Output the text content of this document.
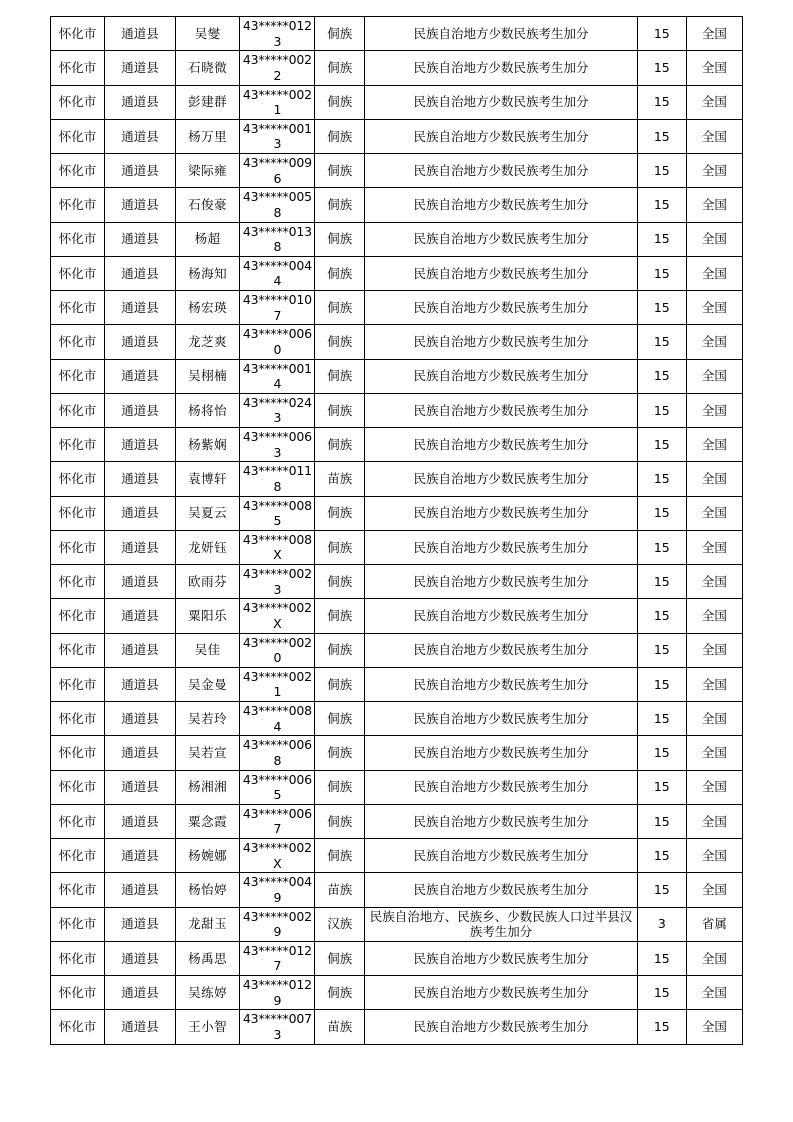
怀化市	通道县	吴燮	43*****0123	侗族	民族自治地方少数民族考生加分	15	全国
怀化市	通道县	石晓微	43*****0022	侗族	民族自治地方少数民族考生加分	15	全国
怀化市	通道县	彭建群	43*****0021	侗族	民族自治地方少数民族考生加分	15	全国
怀化市	通道县	杨万里	43*****0013	侗族	民族自治地方少数民族考生加分	15	全国
怀化市	通道县	梁际雍	43*****0096	侗族	民族自治地方少数民族考生加分	15	全国
怀化市	通道县	石俊豪	43*****0058	侗族	民族自治地方少数民族考生加分	15	全国
怀化市	通道县	杨超	43*****0138	侗族	民族自治地方少数民族考生加分	15	全国
怀化市	通道县	杨海知	43*****0044	侗族	民族自治地方少数民族考生加分	15	全国
怀化市	通道县	杨宏瑛	43*****0107	侗族	民族自治地方少数民族考生加分	15	全国
怀化市	通道县	龙芝爽	43*****0060	侗族	民族自治地方少数民族考生加分	15	全国
怀化市	通道县	吴栩楠	43*****0014	侗族	民族自治地方少数民族考生加分	15	全国
怀化市	通道县	杨将怡	43*****0243	侗族	民族自治地方少数民族考生加分	15	全国
怀化市	通道县	杨紫娴	43*****0063	侗族	民族自治地方少数民族考生加分	15	全国
怀化市	通道县	袁博轩	43*****0118	苗族	民族自治地方少数民族考生加分	15	全国
怀化市	通道县	吴夏云	43*****0085	侗族	民族自治地方少数民族考生加分	15	全国
怀化市	通道县	龙妍钰	43*****008X	侗族	民族自治地方少数民族考生加分	15	全国
怀化市	通道县	欧雨芬	43*****0023	侗族	民族自治地方少数民族考生加分	15	全国
怀化市	通道县	粟阳乐	43*****002X	侗族	民族自治地方少数民族考生加分	15	全国
怀化市	通道县	吴佳	43*****0020	侗族	民族自治地方少数民族考生加分	15	全国
怀化市	通道县	吴金曼	43*****0021	侗族	民族自治地方少数民族考生加分	15	全国
怀化市	通道县	吴若玲	43*****0084	侗族	民族自治地方少数民族考生加分	15	全国
怀化市	通道县	吴若宣	43*****0068	侗族	民族自治地方少数民族考生加分	15	全国
怀化市	通道县	杨湘湘	43*****0065	侗族	民族自治地方少数民族考生加分	15	全国
怀化市	通道县	粟念霞	43*****0067	侗族	民族自治地方少数民族考生加分	15	全国
怀化市	通道县	杨婉娜	43*****002X	侗族	民族自治地方少数民族考生加分	15	全国
怀化市	通道县	杨怡婷	43*****0049	苗族	民族自治地方少数民族考生加分	15	全国
怀化市	通道县	龙甜玉	43*****0029	汉族	民族自治地方、民族乡、少数民族人口过半县汉族考生加分	3	省属
怀化市	通道县	杨禹思	43*****0127	侗族	民族自治地方少数民族考生加分	15	全国
怀化市	通道县	吴练婷	43*****0129	侗族	民族自治地方少数民族考生加分	15	全国
怀化市	通道县	王小智	43*****0073	苗族	民族自治地方少数民族考生加分	15	全国
